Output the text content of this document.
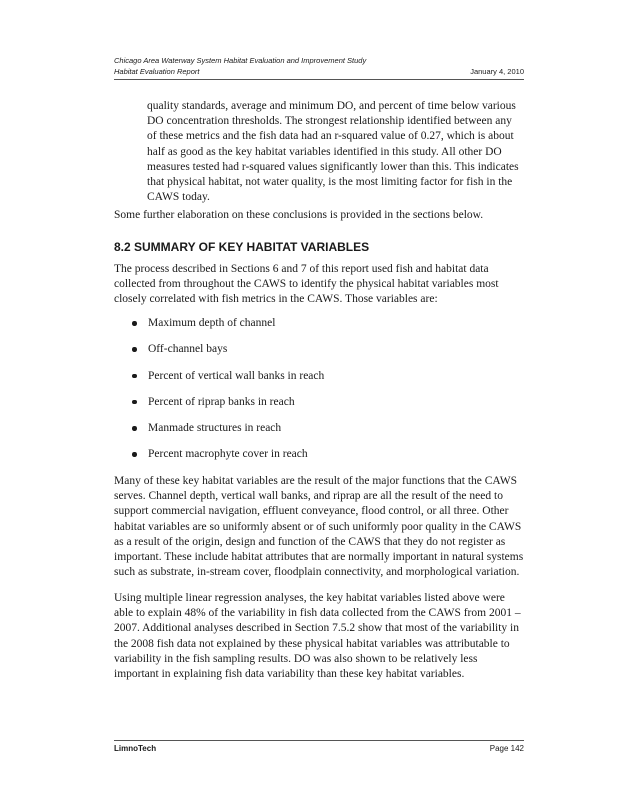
Chicago Area Waterway System Habitat Evaluation and Improvement Study
Habitat Evaluation Report	January 4, 2010

quality standards, average and minimum DO, and percent of time below various DO concentration thresholds. The strongest relationship identified between any of these metrics and the fish data had an r-squared value of 0.27, which is about half as good as the key habitat variables identified in this study. All other DO measures tested had r-squared values significantly lower than this. This indicates that physical habitat, not water quality, is the most limiting factor for fish in the CAWS today.

Some further elaboration on these conclusions is provided in the sections below.

8.2 SUMMARY OF KEY HABITAT VARIABLES

The process described in Sections 6 and 7 of this report used fish and habitat data collected from throughout the CAWS to identify the physical habitat variables most closely correlated with fish metrics in the CAWS. Those variables are:

Maximum depth of channel
Off-channel bays
Percent of vertical wall banks in reach
Percent of riprap banks in reach
Manmade structures in reach
Percent macrophyte cover in reach

Many of these key habitat variables are the result of the major functions that the CAWS serves. Channel depth, vertical wall banks, and riprap are all the result of the need to support commercial navigation, effluent conveyance, flood control, or all three. Other habitat variables are so uniformly absent or of such uniformly poor quality in the CAWS as a result of the origin, design and function of the CAWS that they do not register as important. These include habitat attributes that are normally important in natural systems such as substrate, in-stream cover, floodplain connectivity, and morphological variation.

Using multiple linear regression analyses, the key habitat variables listed above were able to explain 48% of the variability in fish data collected from the CAWS from 2001 – 2007. Additional analyses described in Section 7.5.2 show that most of the variability in the 2008 fish data not explained by these physical habitat variables was attributable to variability in the fish sampling results. DO was also shown to be relatively less important in explaining fish data variability than these key habitat variables.

LimnoTech	Page 142
